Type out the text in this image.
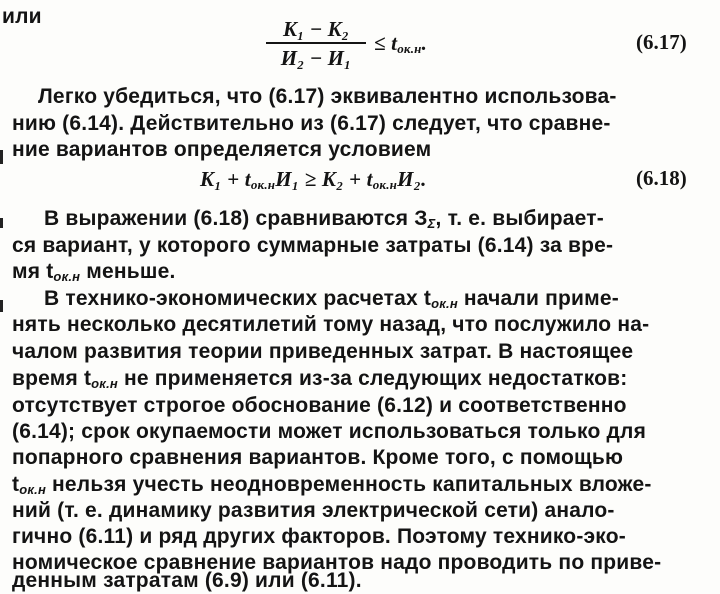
или
K₁ − K₂
И₂ − И₁
≤ $t_{ок.н}$.	(6.17)
Легко убедиться, что (6.17) эквивалентно использова-
нию (6.14). Действительно из (6.17) следует, что сравне-
ние вариантов определяется условием
$K_1 + t_{ок.н}И_1 \ge K_2 + t_{ок.н}И_2$.	(6.18)
В выражении (6.18) сравниваются $З_\Sigma$, т. е. выбирает-
ся вариант, у которого суммарные затраты (6.14) за вре-
мя $t_{ок.н}$ меньше.
В технико-экономических расчетах $t_{ок.н}$ начали приме-
нять несколько десятилетий тому назад, что послужило на-
чалом развития теории приведенных затрат. В настоящее
время $t_{ок.н}$ не применяется из-за следующих недостатков:
отсутствует строгое обоснование (6.12) и соответственно
(6.14); срок окупаемости может использоваться только для
попарного сравнения вариантов. Кроме того, с помощью
$t_{ок.н}$ нельзя учесть неодновременность капитальных вложе-
ний (т. е. динамику развития электрической сети) анало-
гично (6.11) и ряд других факторов. Поэтому технико-эко-
номическое сравнение вариантов надо проводить по приве-
денным затратам (6.9) или (6.11).
